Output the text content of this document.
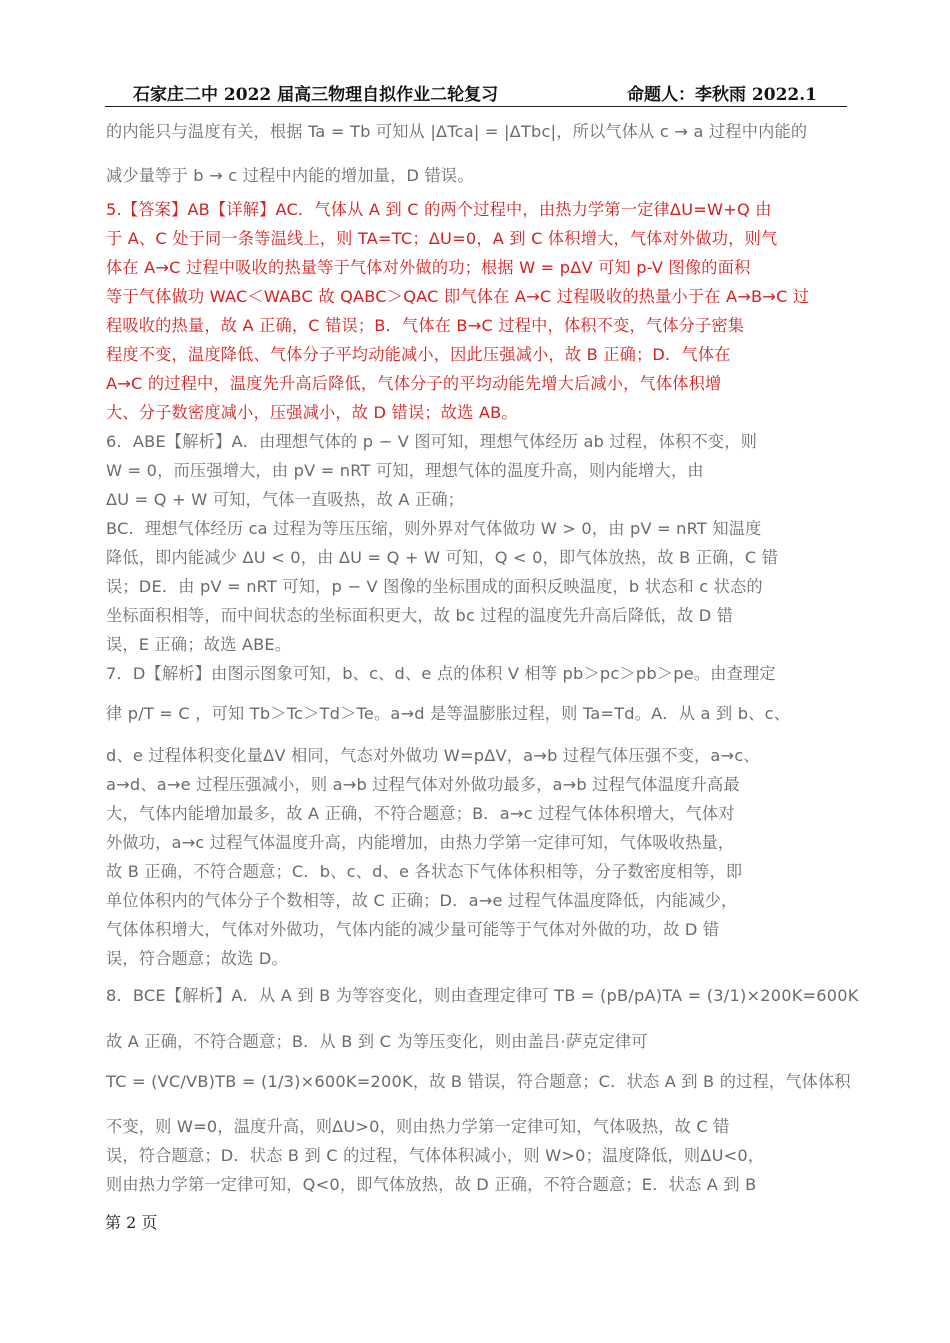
石家庄二中 2022 届高三物理自拟作业二轮复习	命题人：李秋雨 2022.1
的内能只与温度有关，根据 Ta = Tb 可知从 |ΔTca| = |ΔTbc|，所以气体从 c → a 过程中内能的
减少量等于 b → c 过程中内能的增加量，D 错误。
5.【答案】AB【详解】AC．气体从 A 到 C 的两个过程中，由热力学第一定律ΔU=W+Q 由
于 A、C 处于同一条等温线上，则 TA=TC；ΔU=0，A 到 C 体积增大，气体对外做功，则气
体在 A→C 过程中吸收的热量等于气体对外做的功；根据 W = pΔV 可知 p-V 图像的面积
等于气体做功 WAC＜WABC 故 QABC＞QAC 即气体在 A→C 过程吸收的热量小于在 A→B→C 过
程吸收的热量，故 A 正确，C 错误；B．气体在 B→C 过程中，体积不变，气体分子密集
程度不变，温度降低、气体分子平均动能减小，因此压强减小，故 B 正确；D．气体在
A→C 的过程中，温度先升高后降低，气体分子的平均动能先增大后减小，气体体积增
大、分子数密度减小，压强减小，故 D 错误；故选 AB。
6．ABE【解析】A．由理想气体的 p − V 图可知，理想气体经历 ab 过程，体积不变，则
W = 0，而压强增大，由 pV = nRT 可知，理想气体的温度升高，则内能增大，由
ΔU = Q + W 可知，气体一直吸热，故 A 正确；
BC．理想气体经历 ca 过程为等压压缩，则外界对气体做功 W > 0，由 pV = nRT 知温度
降低，即内能减少 ΔU < 0，由 ΔU = Q + W 可知，Q < 0，即气体放热，故 B 正确，C 错
误；DE．由 pV = nRT 可知，p − V 图像的坐标围成的面积反映温度，b 状态和 c 状态的
坐标面积相等，而中间状态的坐标面积更大，故 bc 过程的温度先升高后降低，故 D 错
误，E 正确；故选 ABE。
7．D【解析】由图示图象可知，b、c、d、e 点的体积 V 相等 pb＞pc＞pb＞pe。由查理定
律 p/T = C ，可知 Tb＞Tc＞Td＞Te。a→d 是等温膨胀过程，则 Ta=Td。A．从 a 到 b、c、
d、e 过程体积变化量ΔV 相同，气态对外做功 W=pΔV，a→b 过程气体压强不变，a→c、
a→d、a→e 过程压强减小，则 a→b 过程气体对外做功最多，a→b 过程气体温度升高最
大，气体内能增加最多，故 A 正确，不符合题意；B．a→c 过程气体体积增大，气体对
外做功，a→c 过程气体温度升高，内能增加，由热力学第一定律可知，气体吸收热量，
故 B 正确，不符合题意；C．b、c、d、e 各状态下气体体积相等，分子数密度相等，即
单位体积内的气体分子个数相等，故 C 正确；D．a→e 过程气体温度降低，内能减少，
气体体积增大，气体对外做功，气体内能的减少量可能等于气体对外做的功，故 D 错
误，符合题意；故选 D。
8．BCE【解析】A．从 A 到 B 为等容变化，则由查理定律可 TB = (pB/pA)TA = (3/1)×200K=600K
故 A 正确，不符合题意；B．从 B 到 C 为等压变化，则由盖吕·萨克定律可
TC = (VC/VB)TB = (1/3)×600K=200K，故 B 错误，符合题意；C．状态 A 到 B 的过程，气体体积
不变，则 W=0，温度升高，则ΔU>0，则由热力学第一定律可知，气体吸热，故 C 错
误，符合题意；D．状态 B 到 C 的过程，气体体积减小，则 W>0；温度降低，则ΔU<0，
则由热力学第一定律可知，Q<0，即气体放热，故 D 正确，不符合题意；E．状态 A 到 B
第 2 页
